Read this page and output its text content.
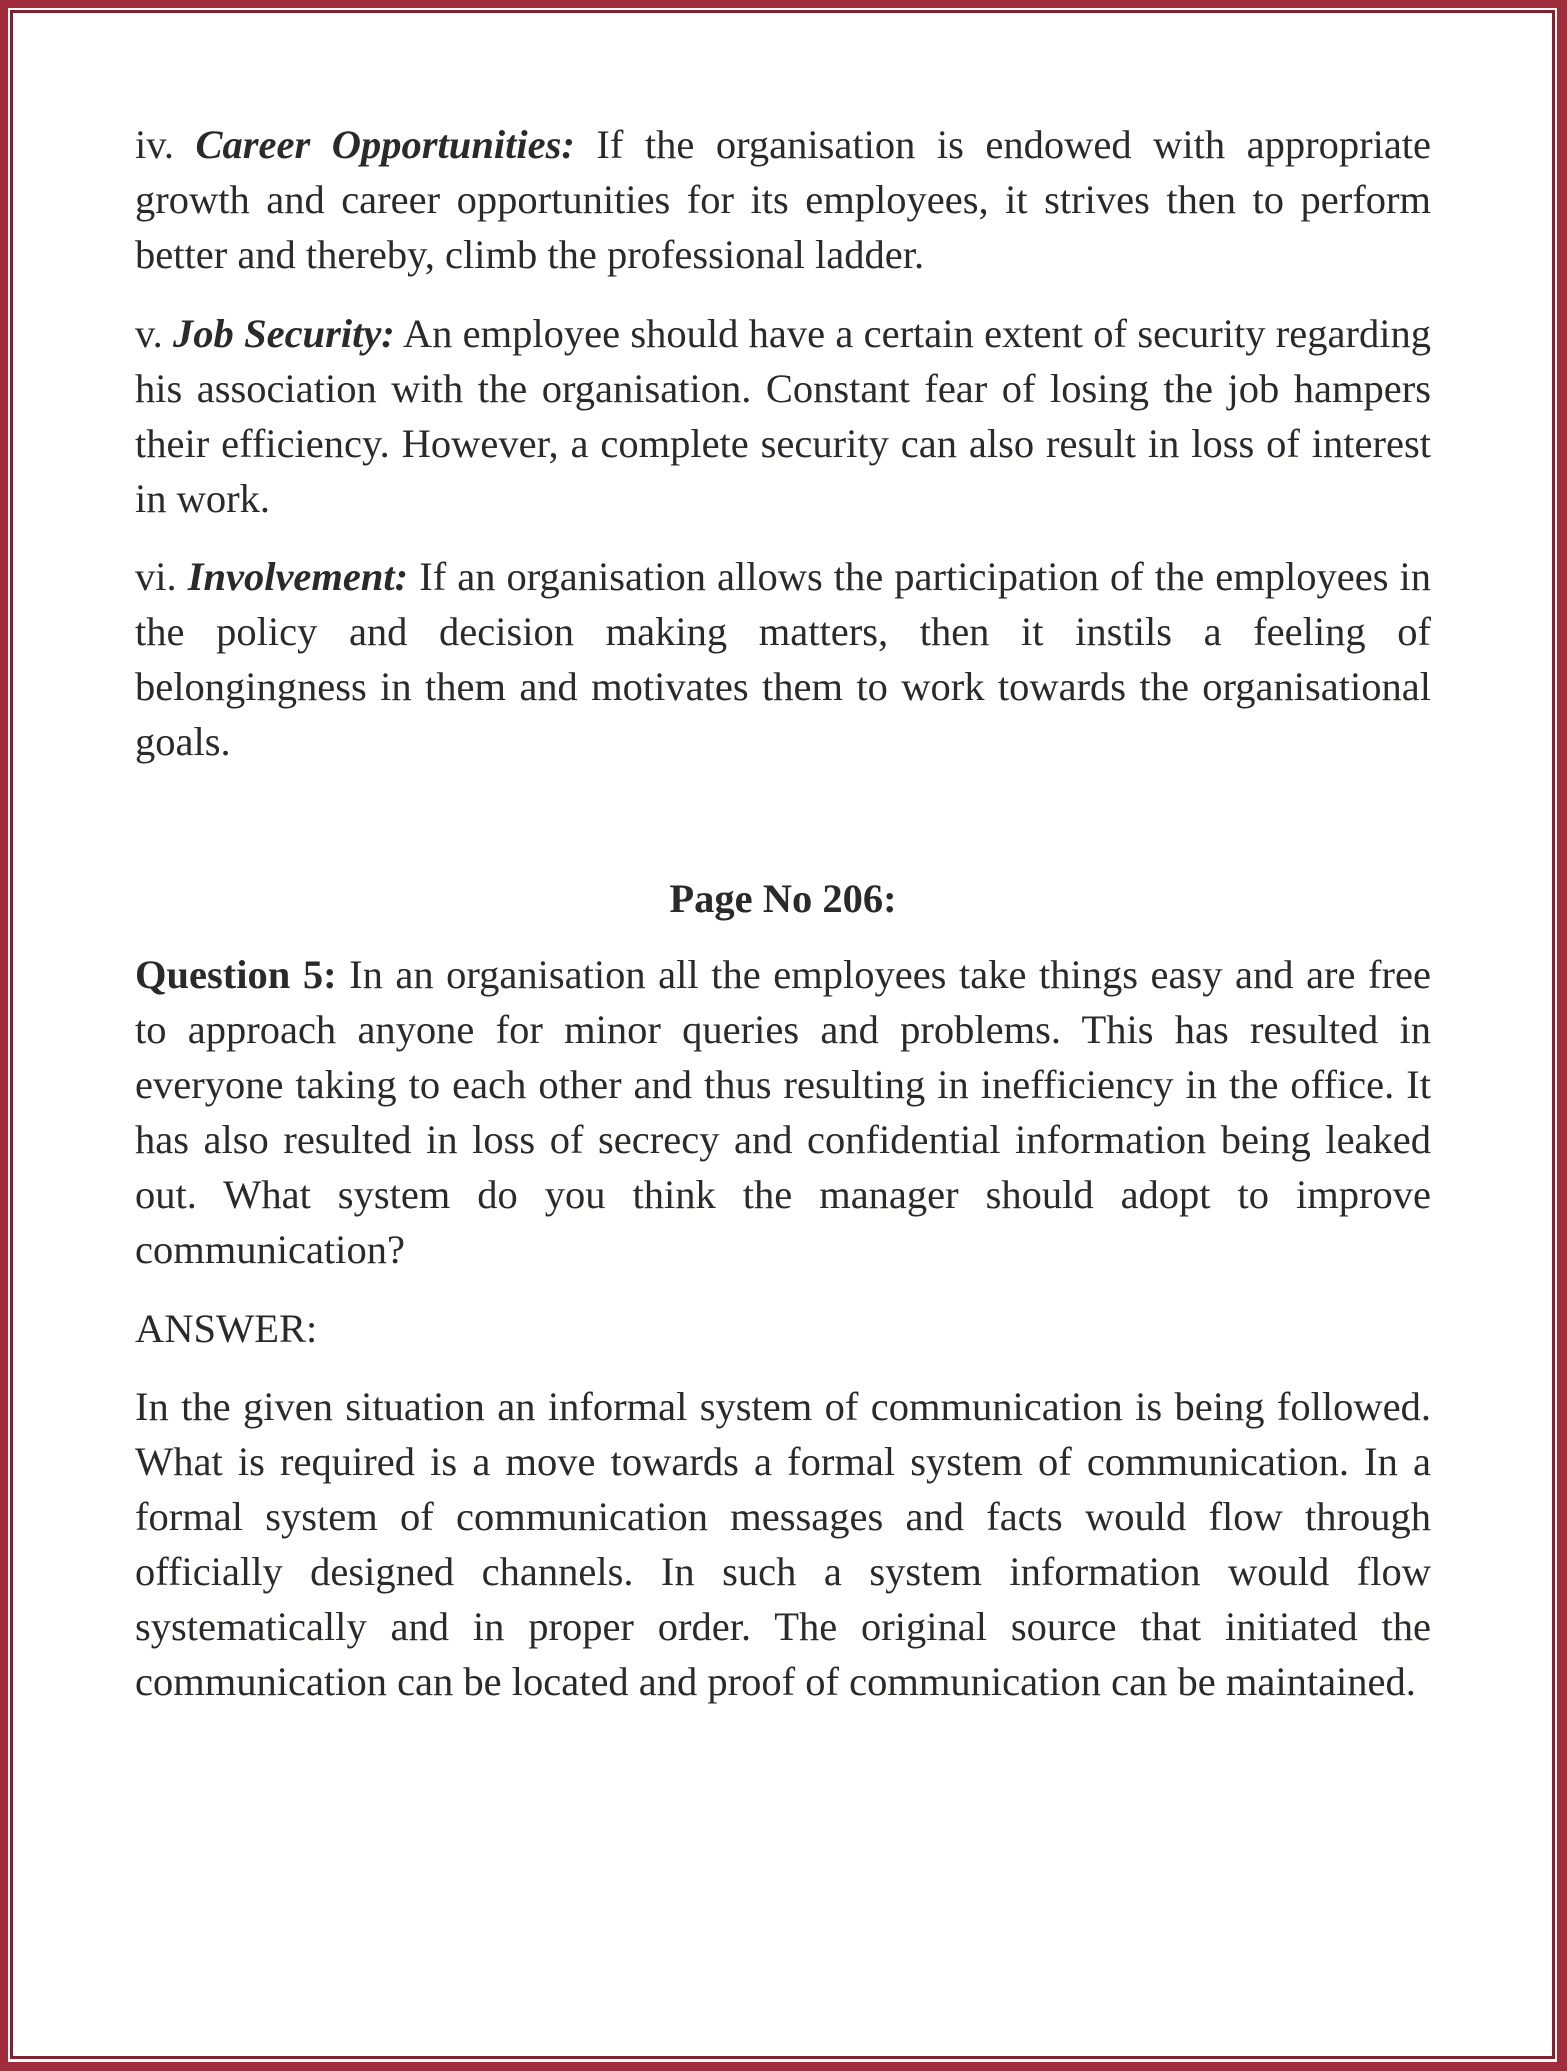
iv. Career Opportunities: If the organisation is endowed with appropriate growth and career opportunities for its employees, it strives then to perform better and thereby, climb the professional ladder.

v. Job Security: An employee should have a certain extent of security regarding his association with the organisation. Constant fear of losing the job hampers their efficiency. However, a complete security can also result in loss of interest in work.

vi. Involvement: If an organisation allows the participation of the employees in the policy and decision making matters, then it instils a feeling of belongingness in them and motivates them to work towards the organisational goals.

Page No 206:

Question 5: In an organisation all the employees take things easy and are free to approach anyone for minor queries and problems. This has resulted in everyone taking to each other and thus resulting in inefficiency in the office. It has also resulted in loss of secrecy and confidential information being leaked out. What system do you think the manager should adopt to improve communication?

ANSWER:

In the given situation an informal system of communication is being followed. What is required is a move towards a formal system of communication. In a formal system of communication messages and facts would flow through officially designed channels. In such a system information would flow systematically and in proper order. The original source that initiated the communication can be located and proof of communication can be maintained.
